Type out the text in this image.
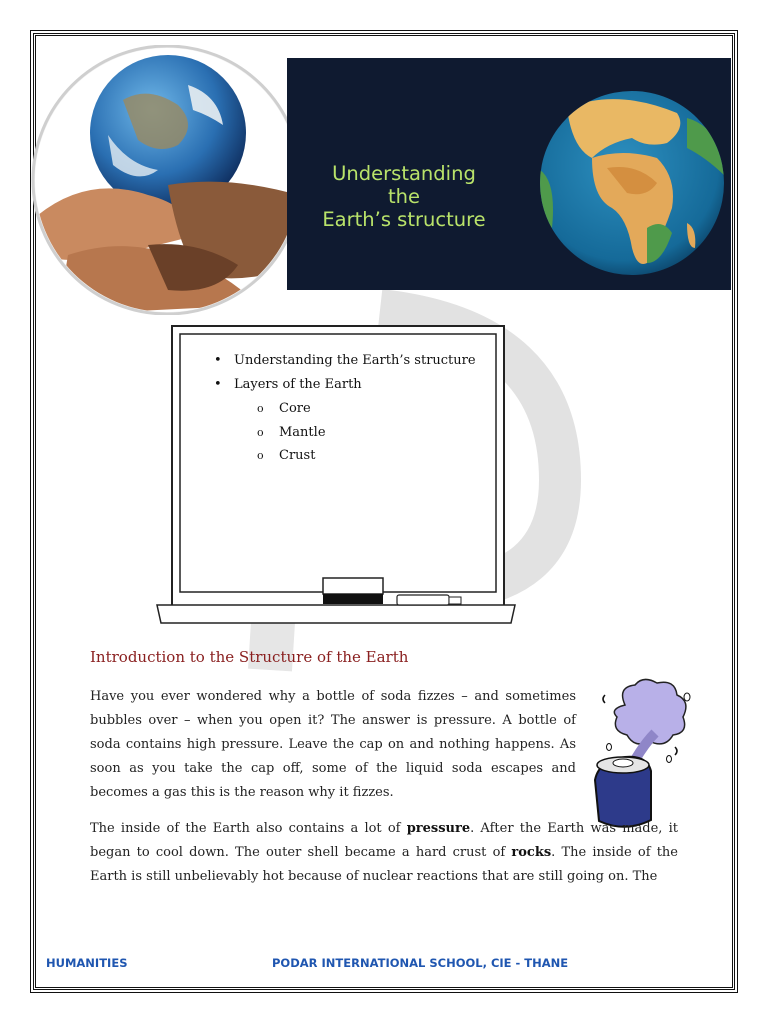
Understanding
the
Earth’s structure
• Understanding the Earth’s structure
• Layers of the Earth
o Core
o Mantle
o Crust
Introduction to the Structure of the Earth

Have you ever wondered why a bottle of soda fizzes – and sometimes bubbles over – when you open it? The answer is pressure. A bottle of soda contains high pressure. Leave the cap on and nothing happens. As soon as you take the cap off, some of the liquid soda escapes and becomes a gas this is the reason why it fizzes.

The inside of the Earth also contains a lot of pressure. After the Earth was made, it began to cool down. The outer shell became a hard crust of rocks. The inside of the Earth is still unbelievably hot because of nuclear reactions that are still going on. The

HUMANITIES	PODAR INTERNATIONAL SCHOOL, CIE - THANE
